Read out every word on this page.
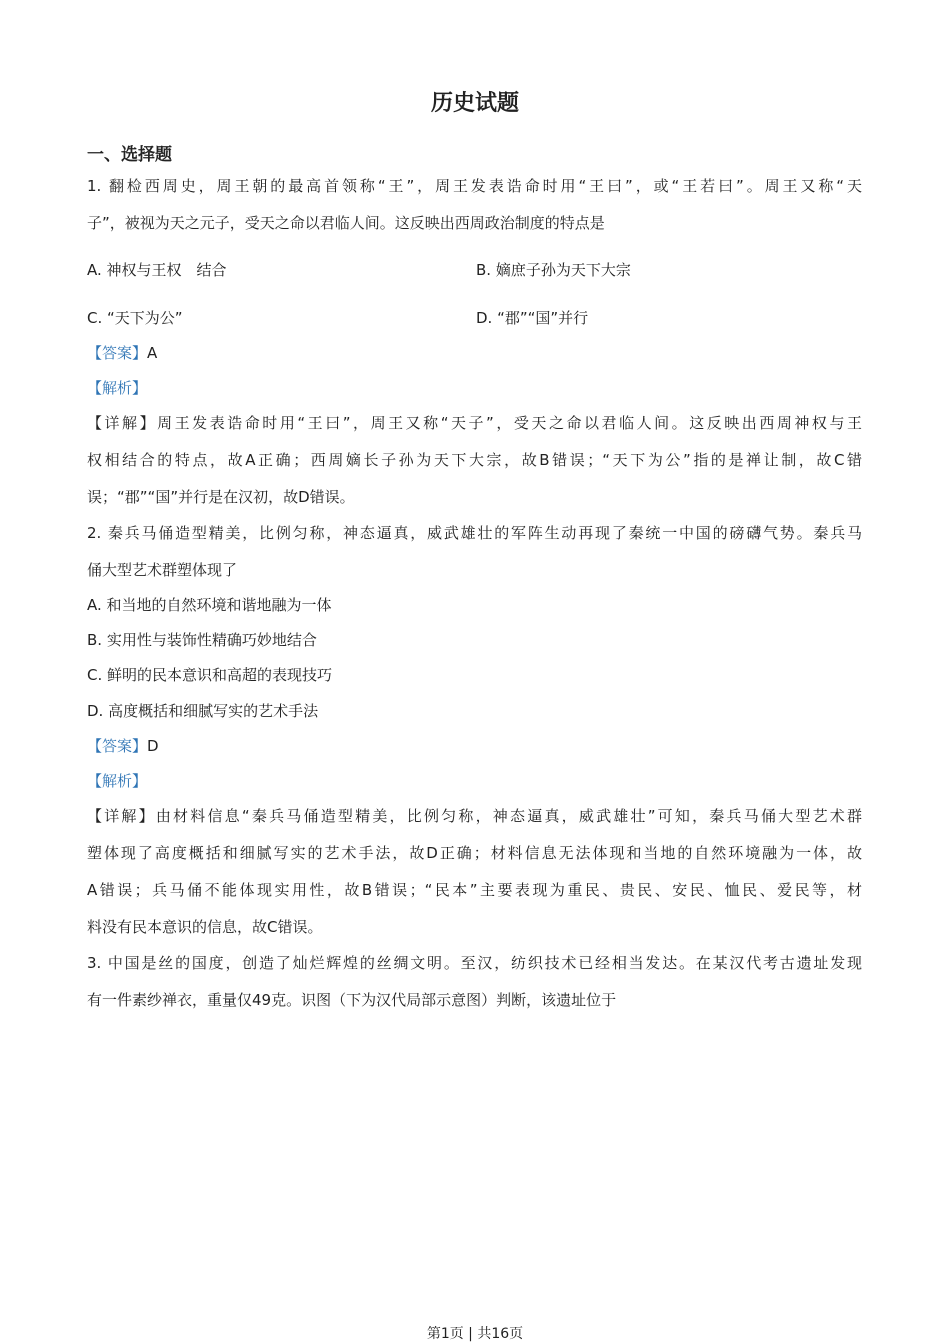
历史试题
一、选择题
1. 翻检西周史，周王朝的最高首领称“王”，周王发表诰命时用“王曰”，或“王若曰”。周王又称“天
子”，被视为天之元子，受天之命以君临人间。这反映出西周政治制度的特点是
A. 神权与王权　结合	B. 嫡庶子孙为天下大宗
C. “天下为公”	D. “郡”“国”并行
【答案】A
【解析】
【详解】周王发表诰命时用“王曰”，周王又称“天子”，受天之命以君临人间。这反映出西周神权与王
权相结合的特点，故A正确；西周嫡长子孙为天下大宗，故B错误；“天下为公”指的是禅让制，故C错
误；“郡”“国”并行是在汉初，故D错误。
2. 秦兵马俑造型精美，比例匀称，神态逼真，威武雄壮的军阵生动再现了秦统一中国的磅礴气势。秦兵马
俑大型艺术群塑体现了
A. 和当地的自然环境和谐地融为一体
B. 实用性与装饰性精确巧妙地结合
C. 鲜明的民本意识和高超的表现技巧
D. 高度概括和细腻写实的艺术手法
【答案】D
【解析】
【详解】由材料信息“秦兵马俑造型精美，比例匀称，神态逼真，威武雄壮”可知，秦兵马俑大型艺术群
塑体现了高度概括和细腻写实的艺术手法，故D正确；材料信息无法体现和当地的自然环境融为一体，故
A错误；兵马俑不能体现实用性，故B错误；“民本”主要表现为重民、贵民、安民、恤民、爱民等，材
料没有民本意识的信息，故C错误。
3. 中国是丝的国度，创造了灿烂辉煌的丝绸文明。至汉，纺织技术已经相当发达。在某汉代考古遗址发现
有一件素纱禅衣，重量仅49克。识图（下为汉代局部示意图）判断，该遗址位于
第1页 | 共16页
